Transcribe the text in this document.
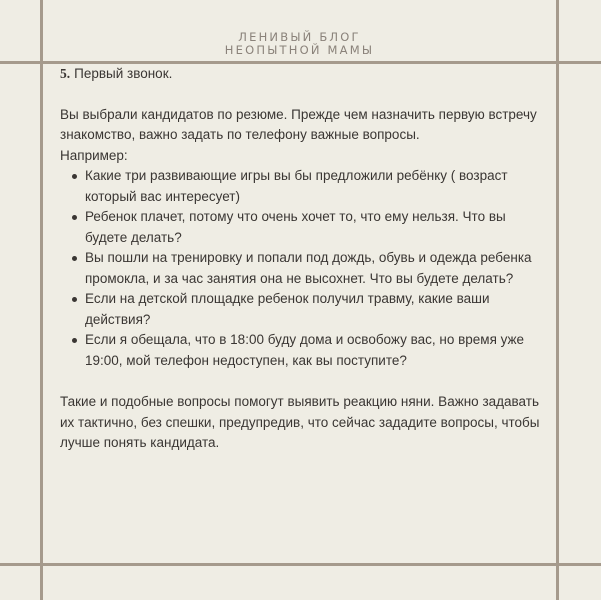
ЛЕНИВЫЙ БЛОГ
НЕОПЫТНОЙ МАМЫ

5. Первый звонок.

Вы выбрали кандидатов по резюме. Прежде чем назначить первую встречу знакомство, важно задать по телефону важные вопросы.

Например:

Какие три развивающие игры вы бы предложили ребёнку ( возраст который вас интересует)
Ребенок плачет, потому что очень хочет то, что ему нельзя. Что вы будете делать?
Вы пошли на тренировку и попали под дождь, обувь и одежда ребенка промокла, и за час занятия она не высохнет. Что вы будете делать?
Если на детской площадке ребенок получил травму, какие ваши действия?
Если я обещала, что в 18:00 буду дома и освобожу вас, но время уже 19:00, мой телефон недоступен, как вы поступите?

Такие и подобные вопросы помогут выявить реакцию няни. Важно задавать их тактично, без спешки, предупредив, что сейчас зададите вопросы, чтобы лучше понять кандидата.
